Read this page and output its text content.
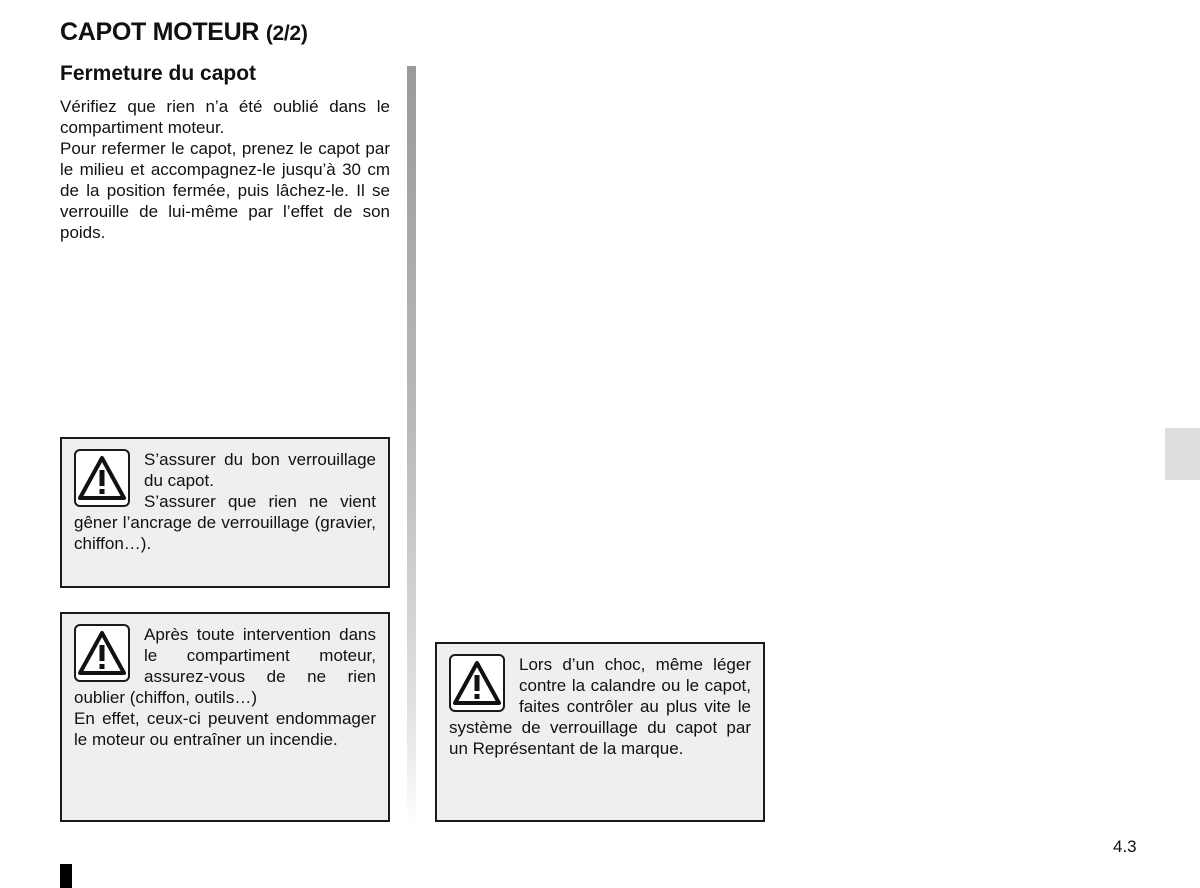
CAPOT MOTEUR (2/2)
Fermeture du capot

Vérifiez que rien n’a été oublié dans le compartiment moteur.

Pour refermer le capot, prenez le capot par le milieu et accompagnez-le jusqu’à 30 cm de la position fermée, puis lâchez-le. Il se verrouille de lui-même par l’effet de son poids.

S’assurer du bon verrouillage du capot.

S’assurer que rien ne vient gêner l’ancrage de verrouillage (gravier, chiffon…).

Après toute intervention dans le compartiment moteur, assurez-vous de ne rien oublier (chiffon, outils…)

En effet, ceux-ci peuvent endommager le moteur ou entraîner un incendie.

Lors d’un choc, même léger contre la calandre ou le capot, faites contrôler au plus vite le système de verrouillage du capot par un Représentant de la marque.

4.3
